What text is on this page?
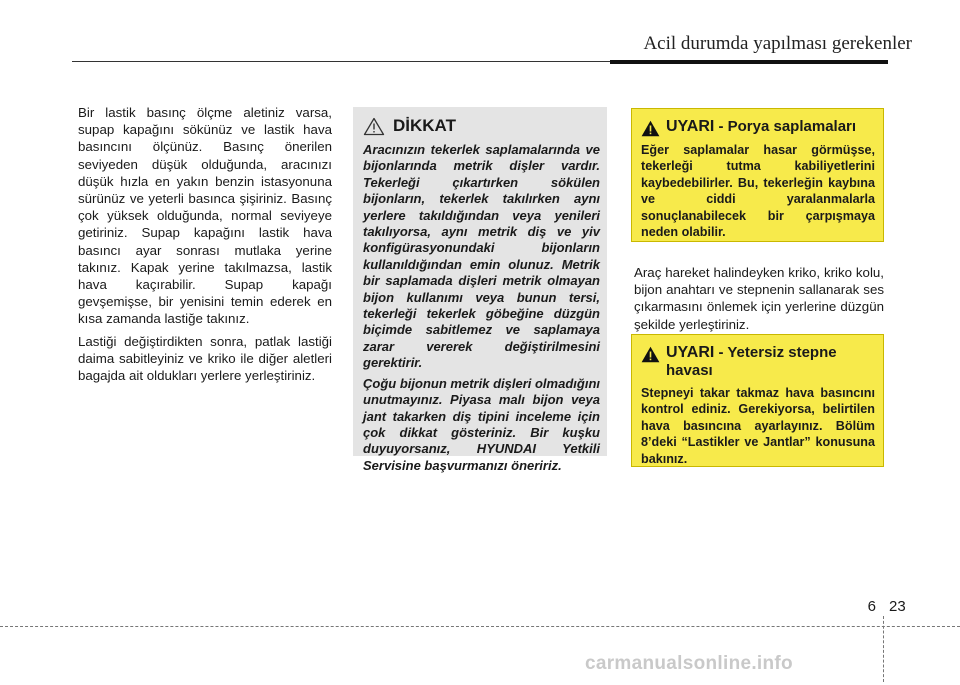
Acil durumda yapılması gerekenler

Bir lastik basınç ölçme aletiniz varsa, supap kapağını sökünüz ve lastik hava basıncını ölçünüz. Basınç önerilen seviyeden düşük olduğunda, aracınızı düşük hızla en yakın benzin istasyonuna sürünüz ve yeterli basınca şişiriniz. Basınç çok yüksek olduğunda, normal seviyeye getiriniz. Supap kapağını lastik hava basıncı ayar sonrası mutlaka yerine takınız. Kapak yerine takılmazsa, lastik hava kaçırabilir. Supap kapağı gevşemişse, bir yenisini temin ederek en kısa zamanda lastiğe takınız.

Lastiği değiştirdikten sonra, patlak lastiği daima sabitleyiniz ve kriko ile diğer aletleri bagajda ait oldukları yerlere yerleştiriniz.

DİKKAT

Aracınızın tekerlek saplamalarında ve bijonlarında metrik dişler vardır. Tekerleği çıkartırken sökülen bijonların, tekerlek takılırken aynı yerlere takıldığından veya yenileri takılıyorsa, aynı metrik diş ve yiv konfigürasyonundaki bijonların kullanıldığından emin olunuz. Metrik bir saplamada dişleri metrik olmayan bijon kullanımı veya bunun tersi, tekerleği tekerlek göbeğine düzgün biçimde sabitlemez ve saplamaya zarar vererek değiştirilmesini gerektirir.

Çoğu bijonun metrik dişleri olmadığını unutmayınız. Piyasa malı bijon veya jant takarken diş tipini inceleme için çok dikkat gösteriniz. Bir kuşku duyuyorsanız, HYUNDAI Yetkili Servisine başvurmanızı öneririz.

UYARI - Porya saplamaları

Eğer saplamalar hasar görmüşse, tekerleği tutma kabiliyetlerini kaybedebilirler. Bu, tekerleğin kaybına ve ciddi yaralanmalarla sonuçlanabilecek bir çarpışmaya neden olabilir.

Araç hareket halindeyken kriko, kriko kolu, bijon anahtarı ve stepnenin sallanarak ses çıkarmasını önlemek için yerlerine düzgün şekilde yerleştiriniz.

UYARI - Yetersiz stepne havası

Stepneyi takar takmaz hava basıncını kontrol ediniz. Gerekiyorsa, belirtilen hava basıncına ayarlayınız. Bölüm 8’deki “Lastikler ve Jantlar” konusuna bakınız.

6 23
carmanualsonline.info
